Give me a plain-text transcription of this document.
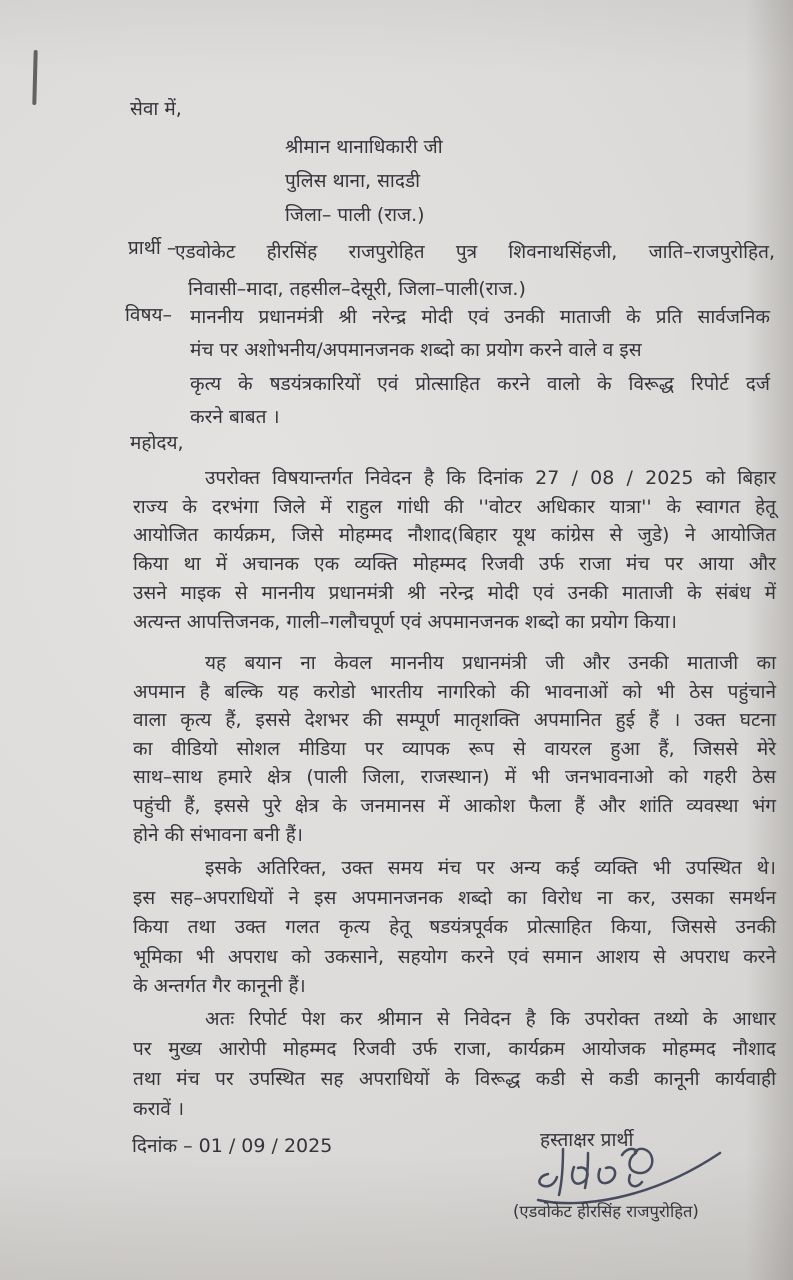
सेवा में,
श्रीमान थानाधिकारी जी
पुलिस थाना, सादडी
जिला– पाली (राज.)
प्रार्थी –
एडवोकेट हीरसिंह राजपुरोहित पुत्र शिवनाथसिंहजी, जाति–राजपुरोहित,
निवासी–मादा, तहसील–देसूरी, जिला–पाली(राज.)
विषय– माननीय प्रधानमंत्री श्री नरेन्द्र मोदी एवं उनकी माताजी के प्रति सार्वजनिक
मंच पर अशोभनीय/अपमानजनक शब्दो का प्रयोग करने वाले व इस
कृत्य के षडयंत्रकारियों एवं प्रोत्साहित करने वालो के विरूद्ध रिपोर्ट दर्ज
करने बाबत ।
महोदय,
उपरोक्त विषयान्तर्गत निवेदन है कि दिनांक 27 / 08 / 2025 को बिहार
राज्य के दरभंगा जिले में राहुल गांधी की ''वोटर अधिकार यात्रा'' के स्वागत हेतू
आयोजित कार्यक्रम, जिसे मोहम्मद नौशाद(बिहार यूथ कांग्रेस से जुडे) ने आयोजित
किया था में अचानक एक व्यक्ति मोहम्मद रिजवी उर्फ राजा मंच पर आया और
उसने माइक से माननीय प्रधानमंत्री श्री नरेन्द्र मोदी एवं उनकी माताजी के संबंध में
अत्यन्त आपत्तिजनक, गाली–गलौचपूर्ण एवं अपमानजनक शब्दो का प्रयोग किया।
यह बयान ना केवल माननीय प्रधानमंत्री जी और उनकी माताजी का
अपमान है बल्कि यह करोडो भारतीय नागरिको की भावनाओं को भी ठेस पहुंचाने
वाला कृत्य हैं, इससे देशभर की सम्पूर्ण मातृशक्ति अपमानित हुई हैं । उक्त घटना
का वीडियो सोशल मीडिया पर व्यापक रूप से वायरल हुआ हैं, जिससे मेरे
साथ–साथ हमारे क्षेत्र (पाली जिला, राजस्थान) में भी जनभावनाओ को गहरी ठेस
पहुंची हैं, इससे पुरे क्षेत्र के जनमानस में आकोश फैला हैं और शांति व्यवस्था भंग
होने की संभावना बनी हैं।
इसके अतिरिक्त, उक्त समय मंच पर अन्य कई व्यक्ति भी उपस्थित थे।
इस सह–अपराधियों ने इस अपमानजनक शब्दो का विरोध ना कर, उसका समर्थन
किया तथा उक्त गलत कृत्य हेतू षडयंत्रपूर्वक प्रोत्साहित किया, जिससे उनकी
भूमिका भी अपराध को उकसाने, सहयोग करने एवं समान आशय से अपराध करने
के अन्तर्गत गैर कानूनी हैं।
अतः रिपोर्ट पेश कर श्रीमान से निवेदन है कि उपरोक्त तथ्यो के आधार
पर मुख्य आरोपी मोहम्मद रिजवी उर्फ राजा, कार्यक्रम आयोजक मोहम्मद नौशाद
तथा मंच पर उपस्थित सह अपराधियों के विरूद्ध कडी से कडी कानूनी कार्यवाही
करावें ।
दिनांक – 01 / 09 / 2025	हस्ताक्षर प्रार्थी
(एडवोकेट हीरसिंह राजपुरोहित)
